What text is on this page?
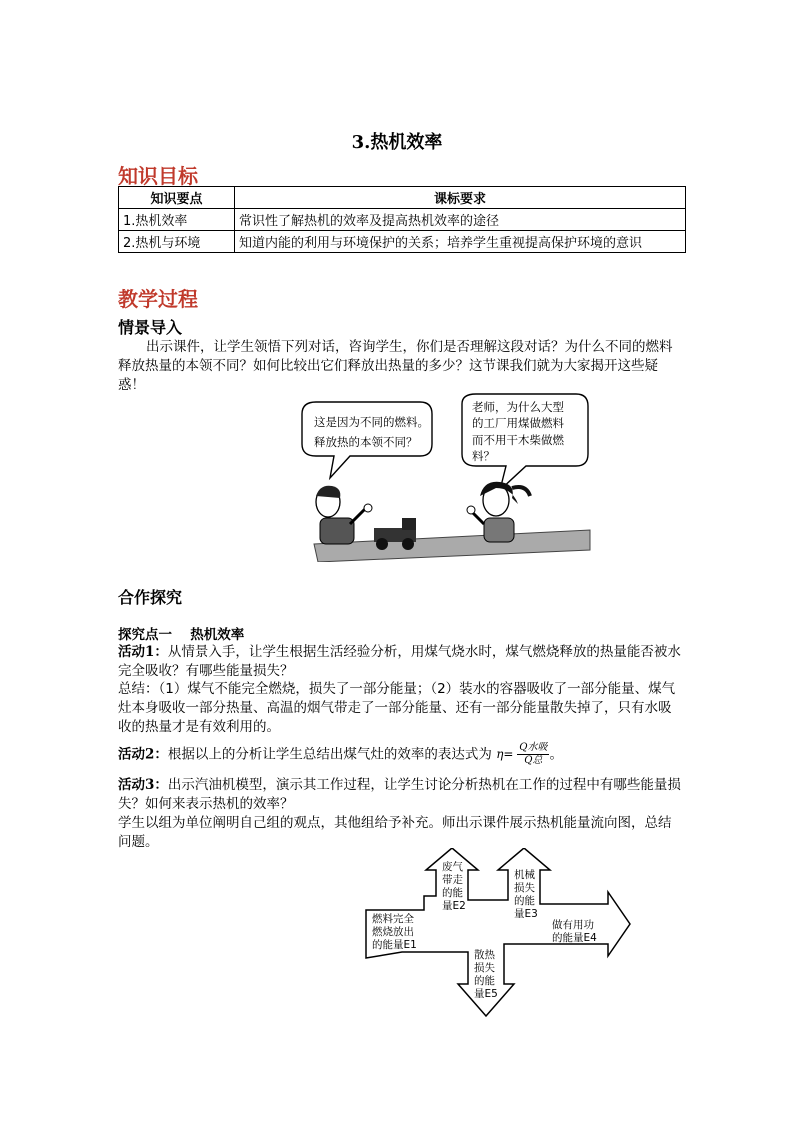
3.热机效率
知识目标
知识要点	课标要求
1.热机效率	常识性了解热机的效率及提高热机效率的途径
2.热机与环境	知道内能的利用与环境保护的关系；培养学生重视提高保护环境的意识
教学过程
情景导入
出示课件，让学生领悟下列对话，咨询学生，你们是否理解这段对话？为什么不同的燃料释放热量的本领不同？如何比较出它们释放出热量的多少？这节课我们就为大家揭开这些疑惑！
这是因为不同的燃料。
释放热的本领不同？
老师，为什么大型
的工厂用煤做燃料
而不用干木柴做燃
料？
合作探究
探究点一　 热机效率
活动1：从情景入手，让学生根据生活经验分析，用煤气烧水时，煤气燃烧释放的热量能否被水完全吸收？有哪些能量损失？
总结：（1）煤气不能完全燃烧，损失了一部分能量；（2）装水的容器吸收了一部分能量、煤气灶本身吸收一部分热量、高温的烟气带走了一部分能量、还有一部分能量散失掉了，只有水吸收的热量才是有效利用的。
活动2：根据以上的分析让学生总结出煤气灶的效率的表达式为 η= Q水吸
Q总 。
活动3：出示汽油机模型，演示其工作过程，让学生讨论分析热机在工作的过程中有哪些能量损失？如何来表示热机的效率？
学生以组为单位阐明自己组的观点，其他组给予补充。师出示课件展示热机能量流向图，总结问题。
燃料完全
燃烧放出
的能量E1
废气
带走
的能
量E2
机械
损失
的能
量E3
做有用功
的能量E4
散热
损失
的能
量E5
